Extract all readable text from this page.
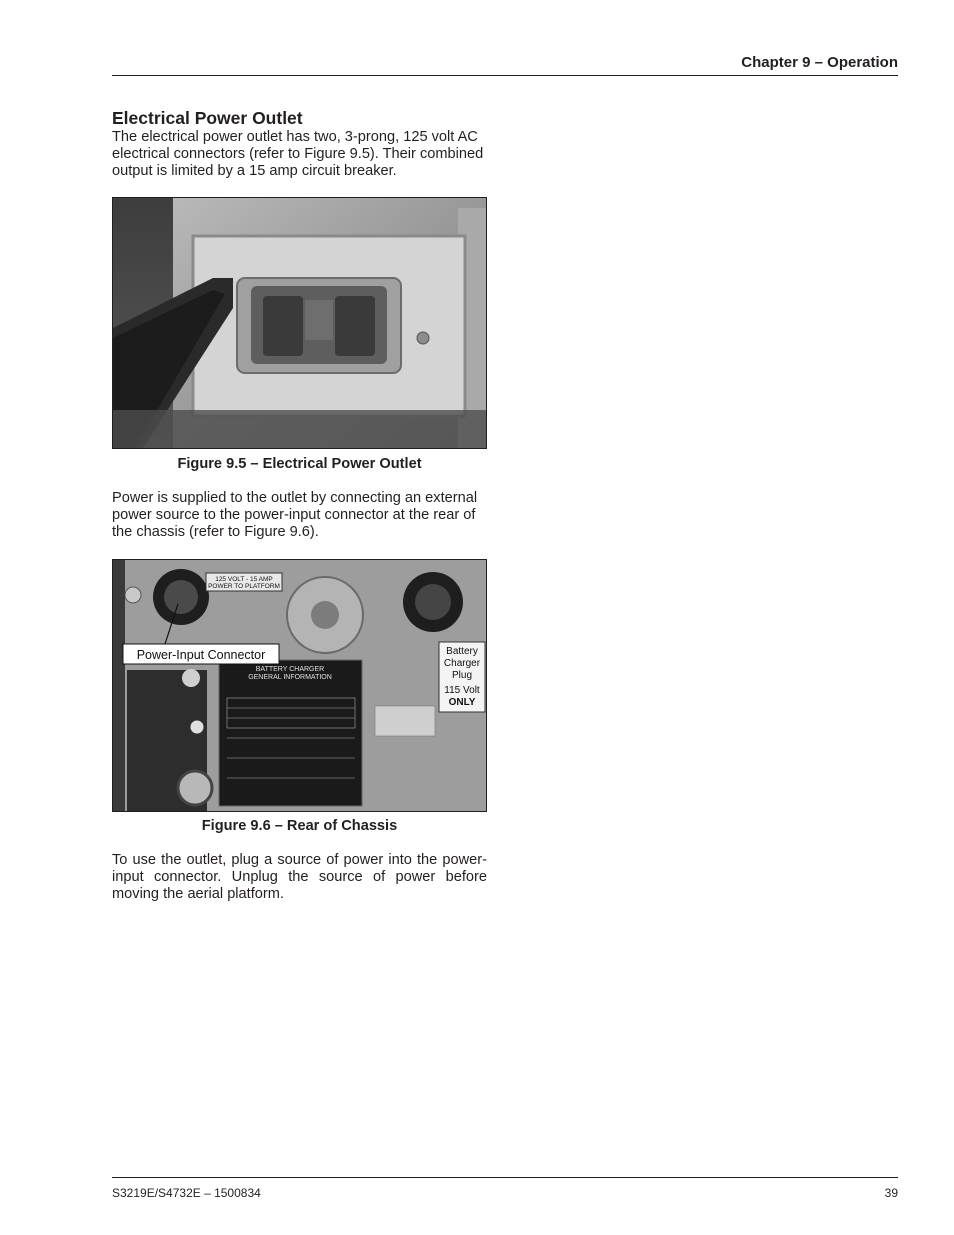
Chapter 9 – Operation
Electrical Power Outlet

The electrical power outlet has two, 3-prong, 125 volt AC electrical connectors (refer to Figure 9.5). Their combined output is limited by a 15 amp circuit breaker.

Figure 9.5 – Electrical Power Outlet

Power is supplied to the outlet by connecting an external power source to the power-input connector at the rear of the chassis (refer to Figure 9.6).

125 VOLT - 15 AMP
POWER TO PLATFORM
BATTERY CHARGER
GENERAL INFORMATION
Battery
Charger
Plug
115 Volt
ONLY
Power-Input Connector
Figure 9.6 – Rear of Chassis

To use the outlet, plug a source of power into the power-input connector. Unplug the source of power before moving the aerial platform.

S3219E/S4732E – 1500834	39
